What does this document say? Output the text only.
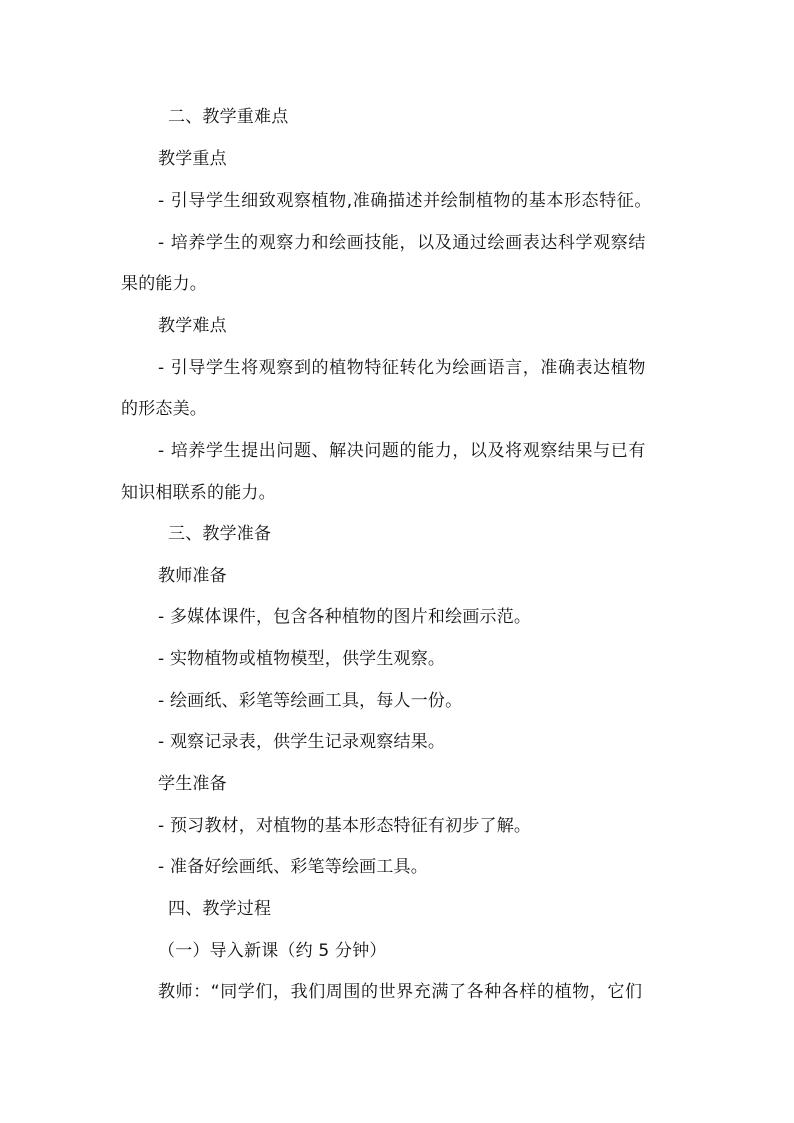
二、教学重难点
教学重点
- 引导学生细致观察植物,准确描述并绘制植物的基本形态特征。
- 培养学生的观察力和绘画技能，以及通过绘画表达科学观察结
果的能力。
教学难点
- 引导学生将观察到的植物特征转化为绘画语言，准确表达植物
的形态美。
- 培养学生提出问题、解决问题的能力，以及将观察结果与已有
知识相联系的能力。
三、教学准备
教师准备
- 多媒体课件，包含各种植物的图片和绘画示范。
- 实物植物或植物模型，供学生观察。
- 绘画纸、彩笔等绘画工具，每人一份。
- 观察记录表，供学生记录观察结果。
学生准备
- 预习教材，对植物的基本形态特征有初步了解。
- 准备好绘画纸、彩笔等绘画工具。
四、教学过程
（一）导入新课（约 5 分钟）
教师：“同学们，我们周围的世界充满了各种各样的植物，它们
